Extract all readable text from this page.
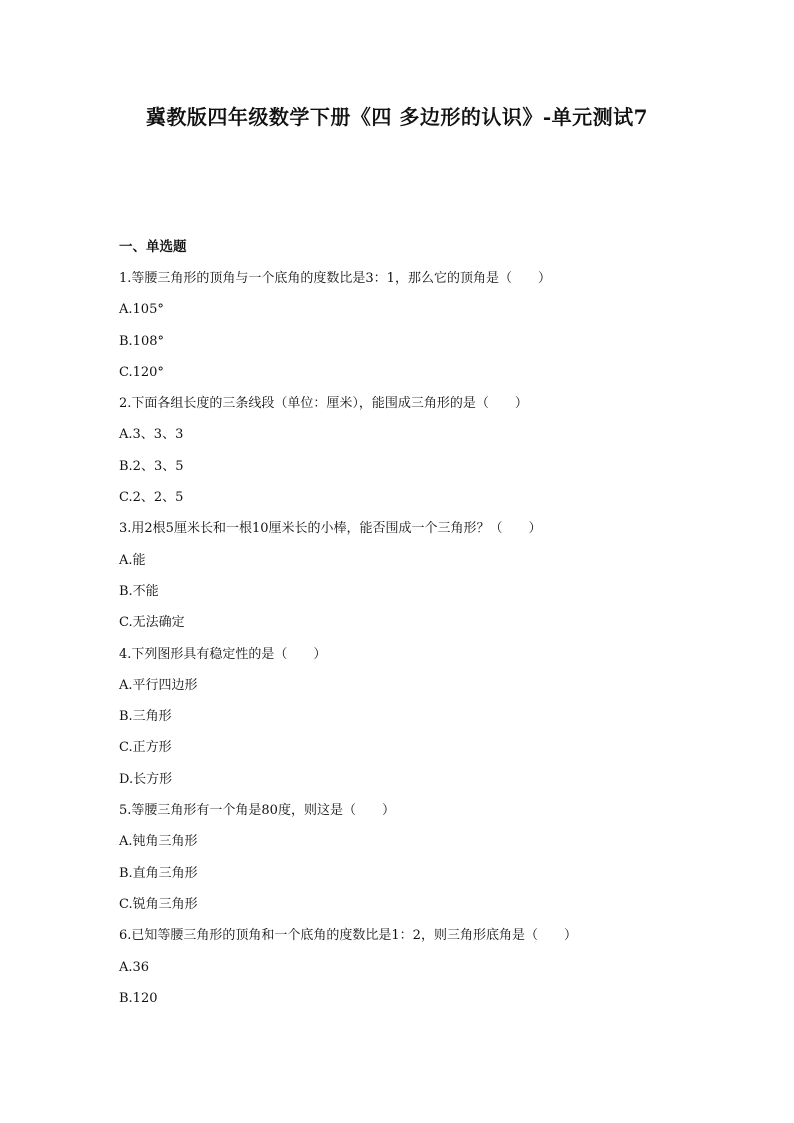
冀教版四年级数学下册《四 多边形的认识》-单元测试7
一、单选题
1.等腰三角形的顶角与一个底角的度数比是3：1，那么它的顶角是（　　）
A.105°
B.108°
C.120°
2.下面各组长度的三条线段（单位：厘米），能围成三角形的是（　　）
A.3、3、3
B.2、3、5
C.2、2、5
3.用2根5厘米长和一根10厘米长的小棒，能否围成一个三角形？（　　）
A.能
B.不能
C.无法确定
4.下列图形具有稳定性的是（　　）
A.平行四边形
B.三角形
C.正方形
D.长方形
5.等腰三角形有一个角是80度，则这是（　　）
A.钝角三角形
B.直角三角形
C.锐角三角形
6.已知等腰三角形的顶角和一个底角的度数比是1：2，则三角形底角是（　　）
A.36
B.120
